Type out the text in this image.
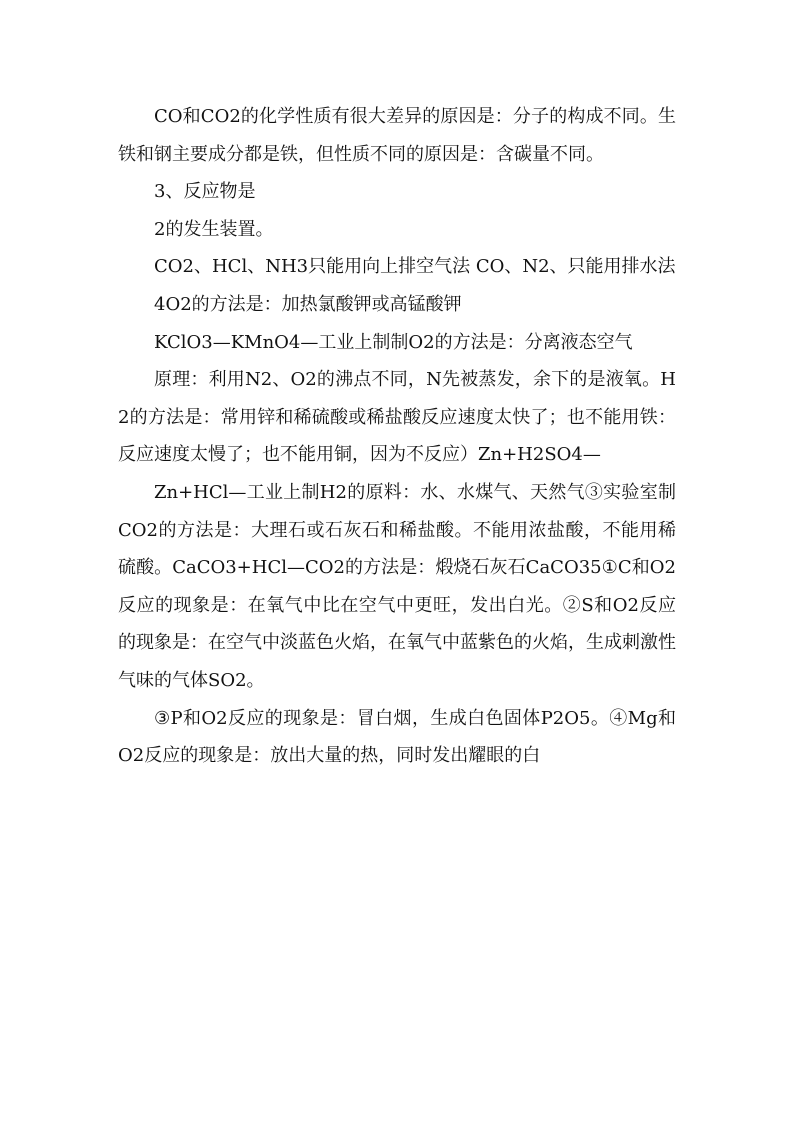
CO和CO2的化学性质有很大差异的原因是：分子的构成不同。生铁和钢主要成分都是铁，但性质不同的原因是：含碳量不同。

3、反应物是

2的发生装置。

CO2、HCl、NH3只能用向上排空气法 CO、N2、只能用排水法

4O2的方法是：加热氯酸钾或高锰酸钾

KClO3—KMnO4—工业上制制O2的方法是：分离液态空气

原理：利用N2、O2的沸点不同，N先被蒸发，余下的是液氧。H2的方法是：常用锌和稀硫酸或稀盐酸反应速度太快了；也不能用铁：反应速度太慢了；也不能用铜，因为不反应）Zn+H2SO4—

Zn+HCl—工业上制H2的原料：水、水煤气、天然气③实验室制CO2的方法是：大理石或石灰石和稀盐酸。不能用浓盐酸，不能用稀硫酸。CaCO3+HCl—CO2的方法是：煅烧石灰石CaCO35①C和O2反应的现象是：在氧气中比在空气中更旺，发出白光。②S和O2反应的现象是：在空气中淡蓝色火焰，在氧气中蓝紫色的火焰，生成刺激性气味的气体SO2。

③P和O2反应的现象是：冒白烟，生成白色固体P2O5。④Mg和O2反应的现象是：放出大量的热，同时发出耀眼的白
